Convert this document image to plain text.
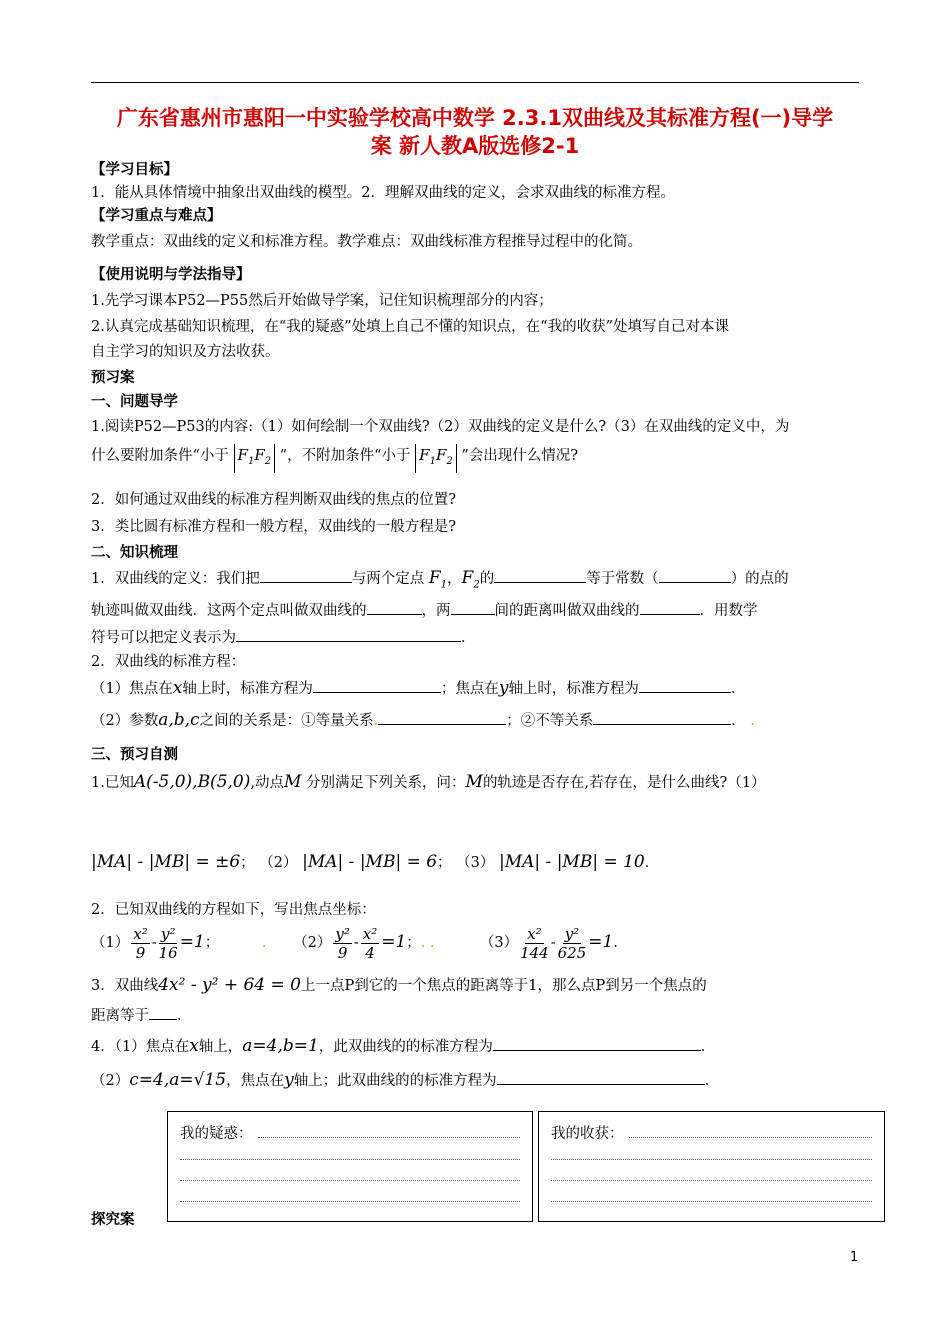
广东省惠州市惠阳一中实验学校高中数学 2.3.1双曲线及其标准方程(一)导学
案 新人教A版选修2-1
【学习目标】
1．能从具体情境中抽象出双曲线的模型。2．理解双曲线的定义，会求双曲线的标准方程。
【学习重点与难点】
教学重点：双曲线的定义和标准方程。教学难点：双曲线标准方程推导过程中的化简。
【使用说明与学法指导】
1.先学习课本P52—P55然后开始做导学案，记住知识梳理部分的内容；
2.认真完成基础知识梳理，在“我的疑惑”处填上自己不懂的知识点，在“我的收获”处填写自己对本课
自主学习的知识及方法收获。
预习案
一、问题导学
1.阅读P52—P53的内容:（1）如何绘制一个双曲线?（2）双曲线的定义是什么?（3）在双曲线的定义中，为
什么要附加条件“小于 $F_1F_2$ ”，不附加条件“小于 $F_1F_2$ ”会出现什么情况?
2．如何通过双曲线的标准方程判断双曲线的焦点的位置?
3．类比圆有标准方程和一般方程，双曲线的一般方程是?
二、知识梳理
1．双曲线的定义：我们把	与两个定点 $F_1$，$F_2$的	等于常数（	）的点的
轨迹叫做双曲线．这两个定点叫做双曲线的	，两	间的距离叫做双曲线的	．用数学
符号可以把定义表示为	．
2．双曲线的标准方程：
（1）焦点在x轴上时，标准方程为	；焦点在y轴上时，标准方程为	．
（2）参数a,b,c之间的关系是：①等量关系.	；②不等关系	． .
三、预习自测
1.已知A(-5,0),B(5,0),动点M 分别满足下列关系，问：M的轨迹是否存在,若存在，是什么曲线?（1）
|MA| - |MB| = ±6； （2） |MA| - |MB| = 6； （3） |MA| - |MB| = 10．
2．已知双曲线的方程如下，写出焦点坐标：
$(1) \frac{\text{x²}}{9} - \frac{\text{y²}}{16} =1$；	. $(2) \frac{\text{y²}}{9} - \frac{\text{x²}}{4} =1$；. .	$(3) \frac{\text{x²}}{144} - \frac{\text{y²}}{625} =1$．
3．双曲线4x² - y² + 64 = 0上一点P到它的一个焦点的距离等于1，那么点P到另一个焦点的
距离等于 ．
4．（1）焦点在x轴上，a=4,b=1，此双曲线的的标准方程为	．
（2）c=4,a=√15，焦点在y轴上；此双曲线的的标准方程为	．
我的疑惑：	我的收获：
探究案
1
